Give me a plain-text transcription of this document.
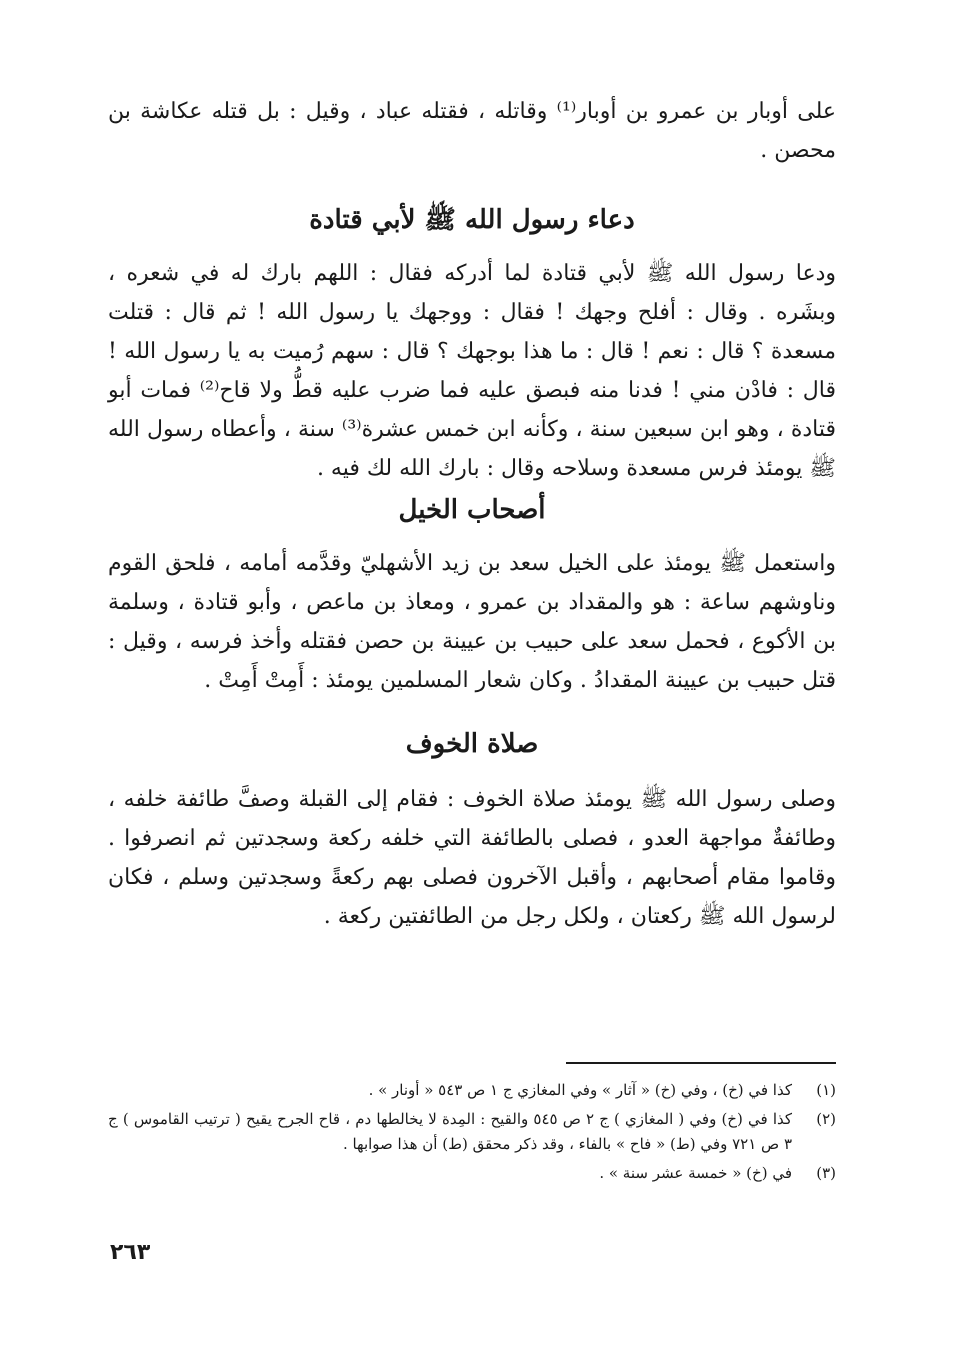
على أوبار بن عمرو بن أوبار⁽¹⁾ وقاتله ، فقتله عباد ، وقيل : بل قتله عكاشة بن محصن .

دعاء رسول الله ﷺ لأبي قتادة

ودعا رسول الله ﷺ لأبي قتادة لما أدركه فقال : اللهم بارك له في شعره ، وبشَره . وقال : أفلح وجهك ! فقال : ووجهك يا رسول الله ! ثم قال : قتلت مسعدة ؟ قال : نعم ! قال : ما هذا بوجهك ؟ قال : سهم رُميت به يا رسول الله ! قال : فادْن مني ! فدنا منه فبصق عليه فما ضرب عليه قطُّ ولا قاح⁽²⁾ فمات أبو قتادة ، وهو ابن سبعين سنة ، وكأنه ابن خمس عشرة⁽³⁾ سنة ، وأعطاه رسول الله ﷺ يومئذ فرس مسعدة وسلاحه وقال : بارك الله لك فيه .

أصحاب الخيل

واستعمل ﷺ يومئذ على الخيل سعد بن زيد الأشهليّ وقدَّمه أمامه ، فلحق القوم وناوشهم ساعة : هو والمقداد بن عمرو ، ومعاذ بن ماعص ، وأبو قتادة ، وسلمة بن الأكوع ، فحمل سعد على حبيب بن عيينة بن حصن فقتله وأخذ فرسه ، وقيل : قتل حبيب بن عيينة المقدادُ . وكان شعار المسلمين يومئذ : أَمِتْ أَمِتْ .

صلاة الخوف

وصلى رسول الله ﷺ يومئذ صلاة الخوف : فقام إلى القبلة وصفَّ طائفة خلفه ، وطائفةٌ مواجهة العدو ، فصلى بالطائفة التي خلفه ركعة وسجدتين ثم انصرفوا . وقاموا مقام أصحابهم ، وأقبل الآخرون فصلى بهم ركعةً وسجدتين وسلم ، فكان لرسول الله ﷺ ركعتان ، ولكل رجل من الطائفتين ركعة .

(١)
كذا في (خ) ، وفي (خ) « آثار » وفي المغازي ج ١ ص ٥٤٣ « أونار » .
(٢)
كذا في (خ) وفي ( المغازي ) ج ٢ ص ٥٤٥ والقيح : المِدة لا يخالطها دم ، قاح الجرح يقيح ( ترتيب القاموس ) ج ٣ ص ٧٢١ وفي (ط) « فاح » بالفاء ، وقد ذكر محقق (ط) أن هذا صوابها .
(٣)
في (خ) « خمسة عشر سنة » .
٢٦٣
